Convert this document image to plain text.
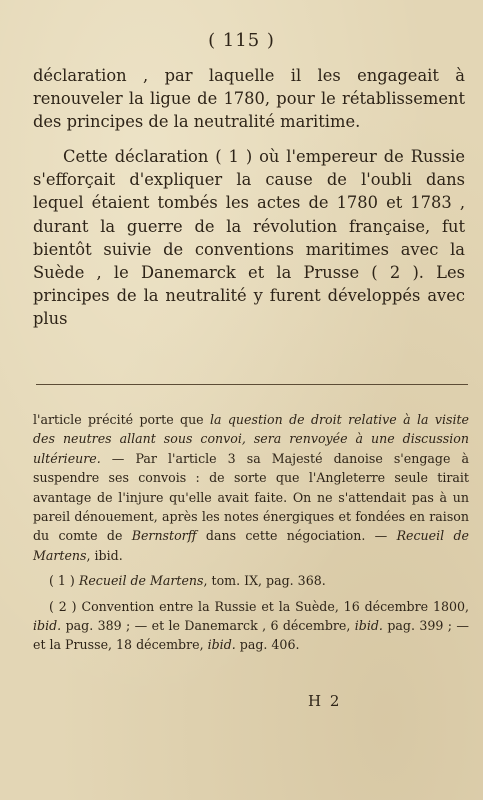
( 115 )

déclaration , par laquelle il les engageait à renouveler la ligue de 1780, pour le rétablissement des principes de la neutralité maritime.

Cette déclaration ( 1 ) où l'empereur de Russie s'efforçait d'expliquer la cause de l'oubli dans lequel étaient tombés les actes de 1780 et 1783 , durant la guerre de la révolution française, fut bientôt suivie de conventions maritimes avec la Suède , le Danemarck et la Prusse ( 2 ). Les principes de la neutralité y furent développés avec plus

l'article précité porte que la question de droit relative à la visite des neutres allant sous convoi, sera renvoyée à une discussion ultérieure. — Par l'article 3 sa Majesté danoise s'engage à suspendre ses convois : de sorte que l'Angleterre seule tirait avantage de l'injure qu'elle avait faite. On ne s'attendait pas à un pareil dénouement, après les notes énergiques et fondées en raison du comte de Bernstorff dans cette négociation. — Recueil de Martens, ibid.

( 1 ) Recueil de Martens, tom. IX, pag. 368.

( 2 ) Convention entre la Russie et la Suède, 16 décembre 1800, ibid. pag. 389 ; — et le Danemarck , 6 décembre, ibid. pag. 399 ; — et la Prusse, 18 décembre, ibid. pag. 406.

H 2
